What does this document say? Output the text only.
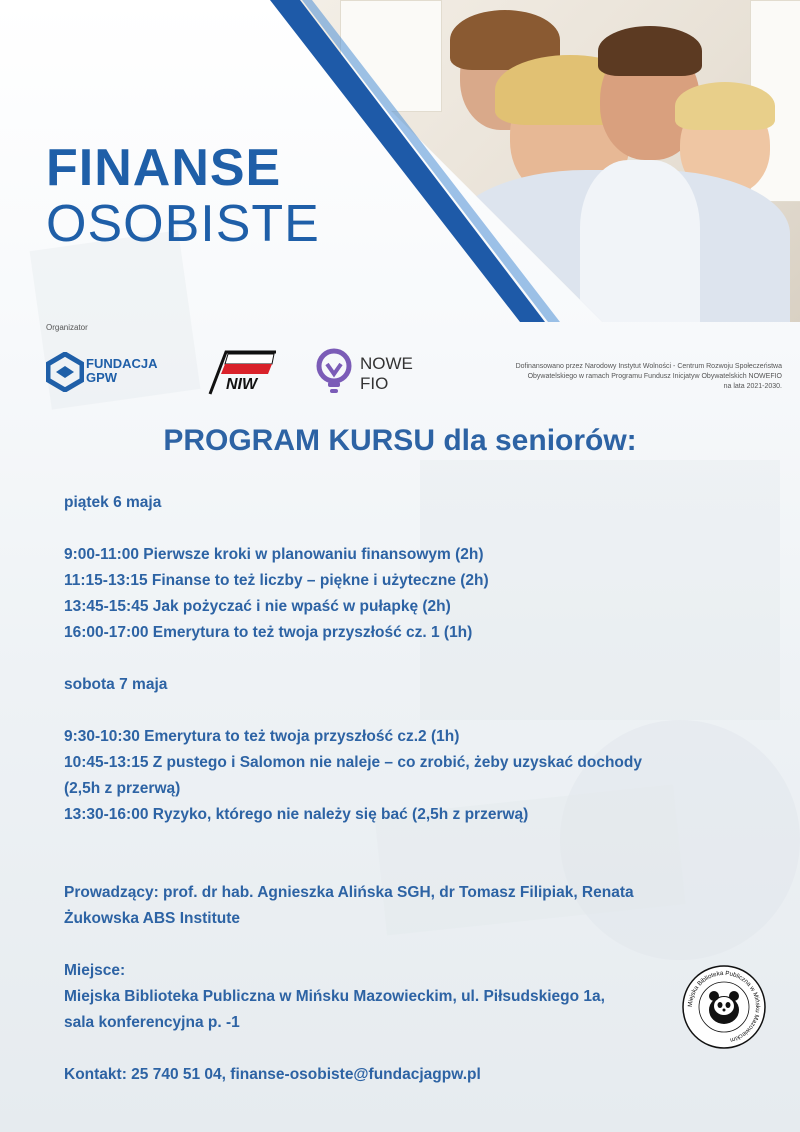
FINANSE
OSOBISTE
Organizator
FUNDACJA
GPW	NIW
NOWE
FIO
Dofinansowano przez Narodowy Instytut Wolności - Centrum Rozwoju Społeczeństwa
Obywatelskiego w ramach Programu Fundusz Inicjatyw Obywatelskich NOWEFIO
na lata 2021-2030.
PROGRAM KURSU dla seniorów:

piątek 6 maja

9:00-11:00 Pierwsze kroki w planowaniu finansowym (2h)

11:15-13:15 Finanse to też liczby – piękne i użyteczne (2h)

13:45-15:45 Jak pożyczać i nie wpaść w pułapkę (2h)

16:00-17:00 Emerytura to też twoja przyszłość cz. 1 (1h)

sobota 7 maja

9:30-10:30 Emerytura to też twoja przyszłość cz.2 (1h)

10:45-13:15 Z pustego i Salomon nie naleje – co zrobić, żeby uzyskać dochody

(2,5h z przerwą)

13:30-16:00 Ryzyko, którego nie należy się bać (2,5h z przerwą)

Prowadzący: prof. dr hab. Agnieszka Alińska SGH, dr Tomasz Filipiak, Renata

Żukowska ABS Institute

Miejsce:

Miejska Biblioteka Publiczna w Mińsku Mazowieckim, ul. Piłsudskiego 1a,

sala konferencyjna p. -1

Kontakt: 25 740 51 04, finanse-osobiste@fundacjagpw.pl

Miejska Biblioteka Publiczna w Mińsku Mazowieckim
